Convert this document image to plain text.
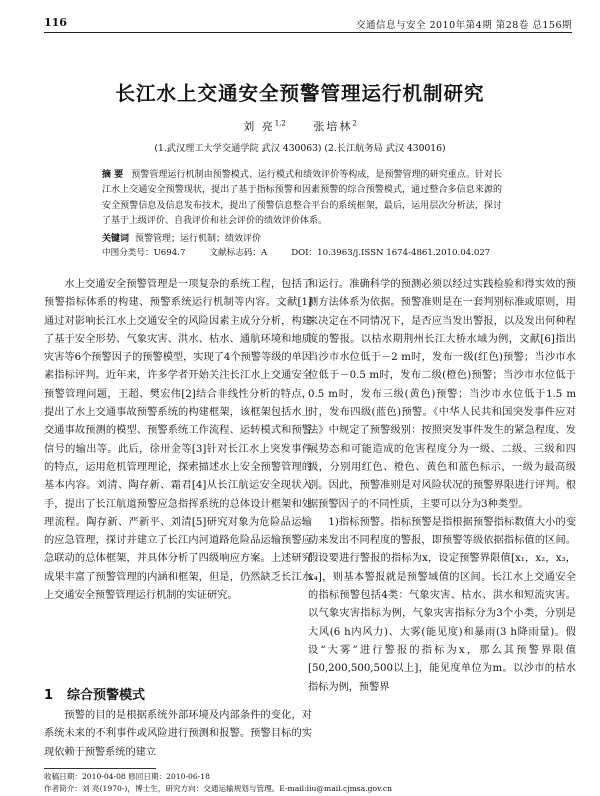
116	交通信息与安全 2010年第4期 第28卷 总156期
长江水上交通安全预警管理运行机制研究
刘 亮$^{1,2}$ 张培林$^2$
(1.武汉理工大学交通学院 武汉 430063) (2.长江航务局 武汉 430016)
摘 要 预警管理运行机制由预警模式、运行模式和绩效评价等构成，是预警管理的研究重点。针对长江水上交通安全预警现状，提出了基于指标预警和因素预警的综合预警模式，通过整合多信息来源的安全预警信息及信息发布技术，提出了预警信息整合平台的系统框架，最后，运用层次分析法，探讨了基于上级评价、自我评价和社会评价的绩效评价体系。
关键词 预警管理；运行机制；绩效评价
中图分类号：U694.7	文献标志码：A	DOI：10.3963/j.ISSN 1674-4861.2010.04.027

水上交通安全预警管理是一项复杂的系统工程，包括了预警指标体系的构建、预警系统运行机制等内容。文献[1]通过对影响长江水上交通安全的风险因素主成分分析，构建了基于安全形势、气象灾害、洪水、枯水、通航环境和地质灾害等6个预警因子的预警模型，实现了4个预警等级的单因素指标评判。近年来，许多学者开始关注长江水上交通安全预警管理问题，王超、樊宏伟[2]结合非线性分析的特点，提出了水上交通事故预警系统的构建框架，该框架包括水上交通事故预测的模型、预警系统工作流程、运转模式和预警信号的输出等。此后，徐卅金等[3]针对长江水上突发事件的特点，运用危机管理理论，探索描述水上安全预警管理的基本内容。刘清、陶存新、霜君[4]从长江航运安全现状入手，提出了长江航道预警应急指挥系统的总体设计框架和处理流程。陶存新、严新平、刘清[5]研究对象为危险品运输的应急管理，探讨并建立了长江内河道路危险品运输预警应急联动的总体框架，并具体分析了四级响应方案。上述研究成果丰富了预警管理的内涵和框架，但是，仍然缺乏长江水上交通安全预警管理运行机制的实证研究。

1 综合预警模式

预警的目的是根据系统外部环境及内部条件的变化，对系统未来的不利事件或风险进行预测和报警。预警目标的实现依赖于预警系统的建立

和运行。准确科学的预测必须以经过实践检验和得实效的预测方法体系为依据。预警准则是在一套判别标准或原则，用来决定在不同情况下，是否应当发出警报，以及发出何种程度的警报。以枯水期荆州长江大桥水域为例，文献[6]指出当沙市水位低于－2 m时，发布一级(红色)预警；当沙市水位低于－0.5 m时，发布二级(橙色)预警；当沙市水位低于0.5 m时，发布三级(黄色)预警；当沙市水位低于1.5 m时，发布四级(蓝色)预警。《中华人民共和国突发事件应对法》中规定了预警级别：按照突发事件发生的紧急程度、发展势态和可能造成的危害程度分为一级、二级、三级和四级，分别用红色、橙色、黄色和蓝色标示，一级为最高级别。因此，预警准则是对风险状况的预警界限进行评判。根据预警因子的不同性质，主要可以分为3种类型。

1)指标预警。指标预警是指根据预警指标数值大小的变动来发出不同程度的警报，即预警等级依据指标值的区间。假设要进行警报的指标为x，设定预警界限值[x₁，x₂，x₃，x₄]，则基本警报就是预警域值的区间。长江水上交通安全的指标预警包括4类：气象灾害、枯水、洪水和短流灾害。以气象灾害指标为例，气象灾害指标分为3个小类，分别是大风(6 h内风力)、大雾(能见度)和暴雨(3 h降雨量)。假设“大雾”进行警报的指标为x，那么其预警界限值[50,200,500,500以上]，能见度单位为m。以沙市的枯水指标为例，预警界

收稿日期：2010-04-08 修回日期：2010-06-18
作者简介：刘 亮(1970-)，博士生，研究方向：交通运输规划与管理。E-mail:liu@mail.cjmsa.gov.cn
